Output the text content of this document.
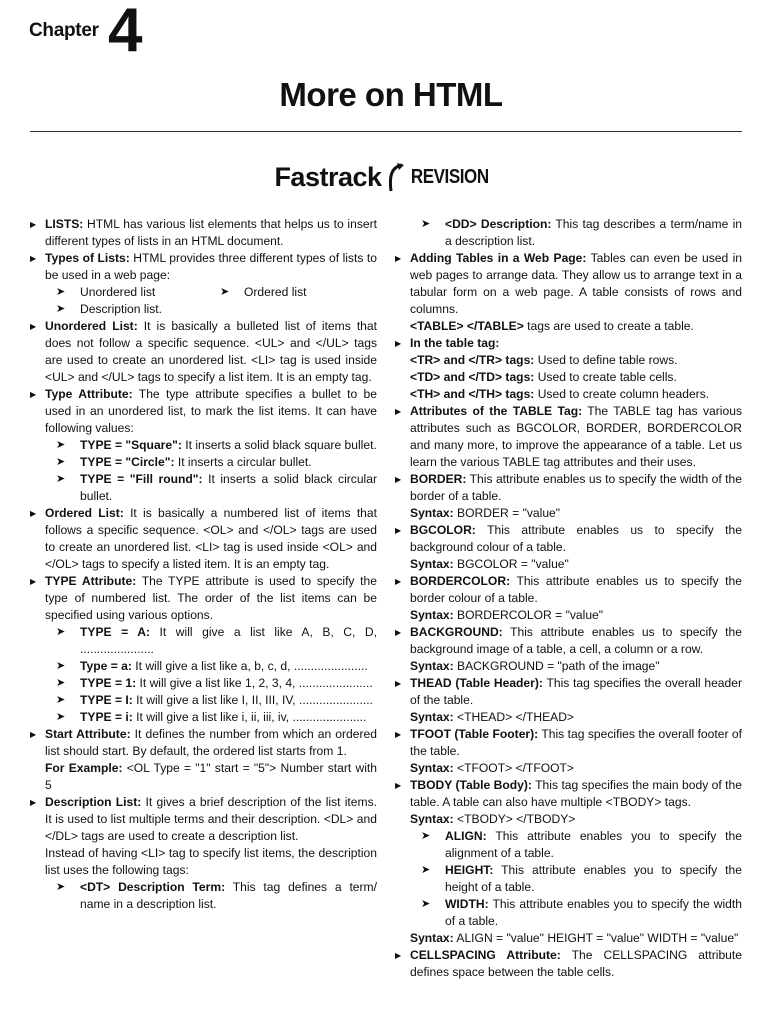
Chapter 4
More on HTML
Fastrack REVISION
▶ LISTS: HTML has various list elements that helps us to insert different types of lists in an HTML document.
▶ Types of Lists: HTML provides three different types of lists to be used in a web page:
➤ Unordered list
➤	Ordered list
➤ Description list.
▶ Unordered List: It is basically a bulleted list of items that does not follow a specific sequence. <UL> and </UL> tags are used to create an unordered list. <LI> tag is used inside <UL> and </UL> tags to specify a list item. It is an empty tag.
▶ Type Attribute: The type attribute specifies a bullet to be used in an unordered list, to mark the list items. It can have following values:
➤ TYPE = "Square": It inserts a solid black square bullet.
➤ TYPE = "Circle": It inserts a circular bullet.
➤ TYPE = "Fill round": It inserts a solid black circular bullet.
▶ Ordered List: It is basically a numbered list of items that follows a specific sequence. <OL> and </OL> tags are used to create an unordered list. <LI> tag is used inside <OL> and </OL> tags to specify a listed item. It is an empty tag.
▶ TYPE Attribute: The TYPE attribute is used to specify the type of numbered list. The order of the list items can be specified using various options.
➤ TYPE = A: It will give a list like A, B, C, D, ......................
➤ Type = a: It will give a list like a, b, c, d, ......................
➤ TYPE = 1: It will give a list like 1, 2, 3, 4, ......................
➤ TYPE = I: It will give a list like I, II, III, IV, ......................
➤ TYPE = i: It will give a list like i, ii, iii, iv, ......................
▶ Start Attribute: It defines the number from which an ordered list should start. By default, the ordered list starts from 1.
For Example: <OL Type = "1" start = "5"> Number start with 5
▶ Description List: It gives a brief description of the list items. It is used to list multiple terms and their description. <DL> and </DL> tags are used to create a description list.
Instead of having <LI> tag to specify list items, the description list uses the following tags:
➤ <DT> Description Term: This tag defines a term/ name in a description list.
➤ <DD> Description: This tag describes a term/name in a description list.
▶ Adding Tables in a Web Page: Tables can even be used in web pages to arrange data. They allow us to arrange text in a tabular form on a web page. A table consists of rows and columns.
<TABLE> </TABLE> tags are used to create a table.
▶ In the table tag:
<TR> and </TR> tags: Used to define table rows.
<TD> and </TD> tags: Used to create table cells.
<TH> and </TH> tags: Used to create column headers.
▶ Attributes of the TABLE Tag: The TABLE tag has various attributes such as BGCOLOR, BORDER, BORDERCOLOR and many more, to improve the appearance of a table. Let us learn the various TABLE tag attributes and their uses.
▶ BORDER: This attribute enables us to specify the width of the border of a table.
Syntax: BORDER = "value"
▶ BGCOLOR: This attribute enables us to specify the background colour of a table.
Syntax: BGCOLOR = "value"
▶ BORDERCOLOR: This attribute enables us to specify the border colour of a table.
Syntax: BORDERCOLOR = "value"
▶ BACKGROUND: This attribute enables us to specify the background image of a table, a cell, a column or a row.
Syntax: BACKGROUND = "path of the image"
▶ THEAD (Table Header): This tag specifies the overall header of the table.
Syntax: <THEAD> </THEAD>
▶ TFOOT (Table Footer): This tag specifies the overall footer of the table.
Syntax: <TFOOT> </TFOOT>
▶ TBODY (Table Body): This tag specifies the main body of the table. A table can also have multiple <TBODY> tags.
Syntax: <TBODY> </TBODY>
➤ ALIGN: This attribute enables you to specify the alignment of a table.
➤ HEIGHT: This attribute enables you to specify the height of a table.
➤ WIDTH: This attribute enables you to specify the width of a table.
Syntax: ALIGN = "value" HEIGHT = "value" WIDTH = "value"
▶ CELLSPACING Attribute: The CELLSPACING attribute defines space between the table cells.
